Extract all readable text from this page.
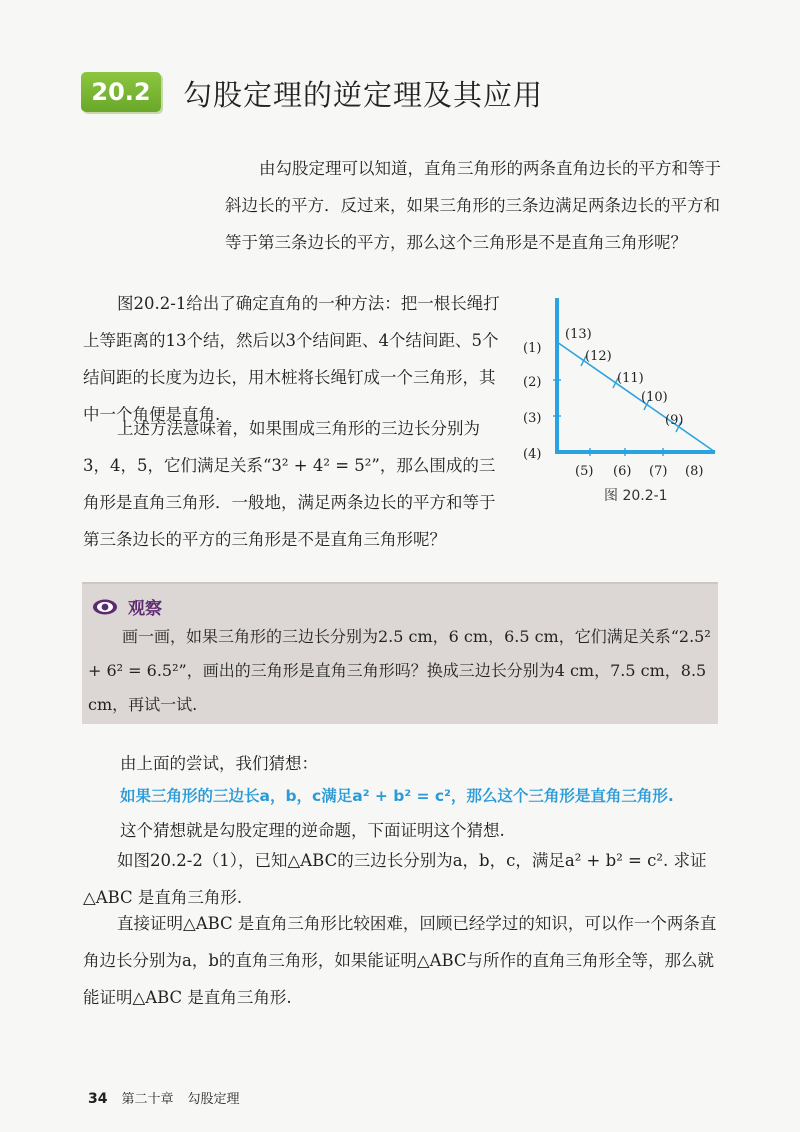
20.2	勾股定理的逆定理及其应用

由勾股定理可以知道，直角三角形的两条直角边长的平方和等于斜边长的平方．反过来，如果三角形的三条边满足两条边长的平方和等于第三条边长的平方，那么这个三角形是不是直角三角形呢？

图20.2-1给出了确定直角的一种方法：把一根长绳打上等距离的13个结，然后以3个结间距、4个结间距、5个结间距的长度为边长，用木桩将长绳钉成一个三角形，其中一个角便是直角.

上述方法意味着，如果围成三角形的三边长分别为3，4，5，它们满足关系“3² + 4² = 5²”，那么围成的三角形是直角三角形．一般地，满足两条边长的平方和等于第三条边长的平方的三角形是不是直角三角形呢？

(1)
(2)
(3)
(4)
(5) (6) (7) (8)
(13)
(12)
(11)
(10)
(9)
图 20.2-1
观察

画一画，如果三角形的三边长分别为2.5 cm，6 cm，6.5 cm，它们满足关系“2.5² + 6² = 6.5²”，画出的三角形是直角三角形吗？换成三边长分别为4 cm，7.5 cm，8.5 cm，再试一试.

由上面的尝试，我们猜想：

如果三角形的三边长a，b，c满足a² + b² = c²，那么这个三角形是直角三角形.

这个猜想就是勾股定理的逆命题，下面证明这个猜想.

如图20.2-2（1），已知△ABC的三边长分别为a，b，c，满足a² + b² = c². 求证△ABC 是直角三角形.

直接证明△ABC 是直角三角形比较困难，回顾已经学过的知识，可以作一个两条直角边长分别为a，b的直角三角形，如果能证明△ABC与所作的直角三角形全等，那么就能证明△ABC 是直角三角形.

34 第二十章 勾股定理
